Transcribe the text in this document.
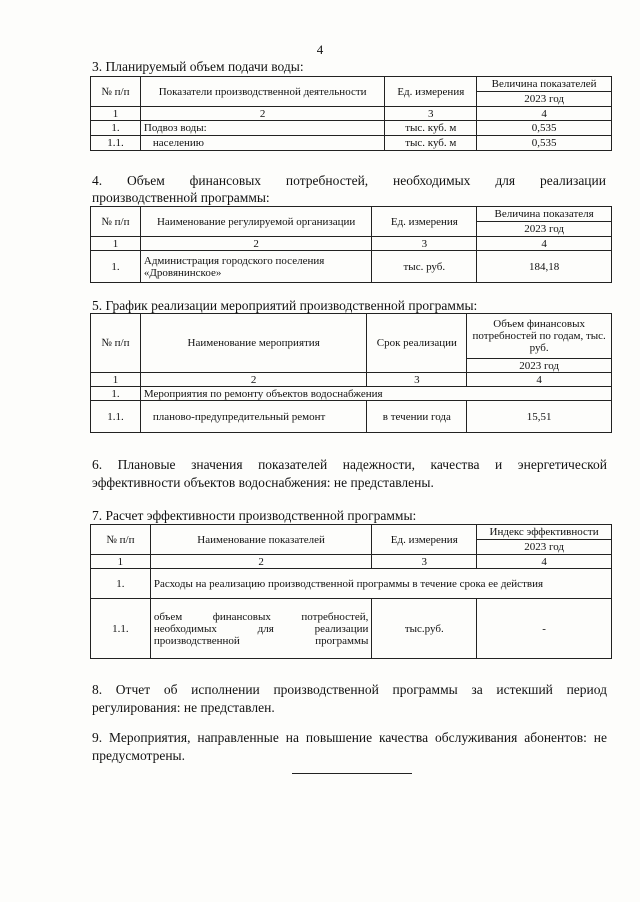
4
3. Планируемый объем подачи воды:
№ п/п	Показатели производственной деятельности	Ед. измерения	Величина показателей
			2023 год
1	2	3	4
1.	Подвоз воды:	тыс. куб. м	0,535
1.1.	населению	тыс. куб. м	0,535
4. Объем финансовых потребностей, необходимых для реализации
производственной программы:
№ п/п	Наименование регулируемой организации	Ед. измерения	Величина показателя
			2023 год
1	2	3	4
1.	Администрация городского поселения «Дровянинское»	тыс. руб.	184,18
5. График реализации мероприятий производственной программы:
№ п/п	Наименование мероприятия	Срок реализации	Объем финансовых потребностей по годам, тыс. руб.
			2023 год
1	2	3	4
1.	Мероприятия по ремонту объектов водоснабжения		
1.1.	планово-предупредительный ремонт	в течении года	15,51
6. Плановые значения показателей надежности, качества и энергетической эффективности объектов водоснабжения: не представлены.
7. Расчет эффективности производственной программы:
№ п/п	Наименование показателей	Ед. измерения	Индекс эффективности
			2023 год
1	2	3	4
1.	Расходы на реализацию производственной программы в течение срока ее действия		
1.1.	объем финансовых потребностей, необходимых для реализации производственной программы	тыс.руб.	-
8. Отчет об исполнении производственной программы за истекший период регулирования: не представлен.
9. Мероприятия, направленные на повышение качества обслуживания абонентов: не предусмотрены.
